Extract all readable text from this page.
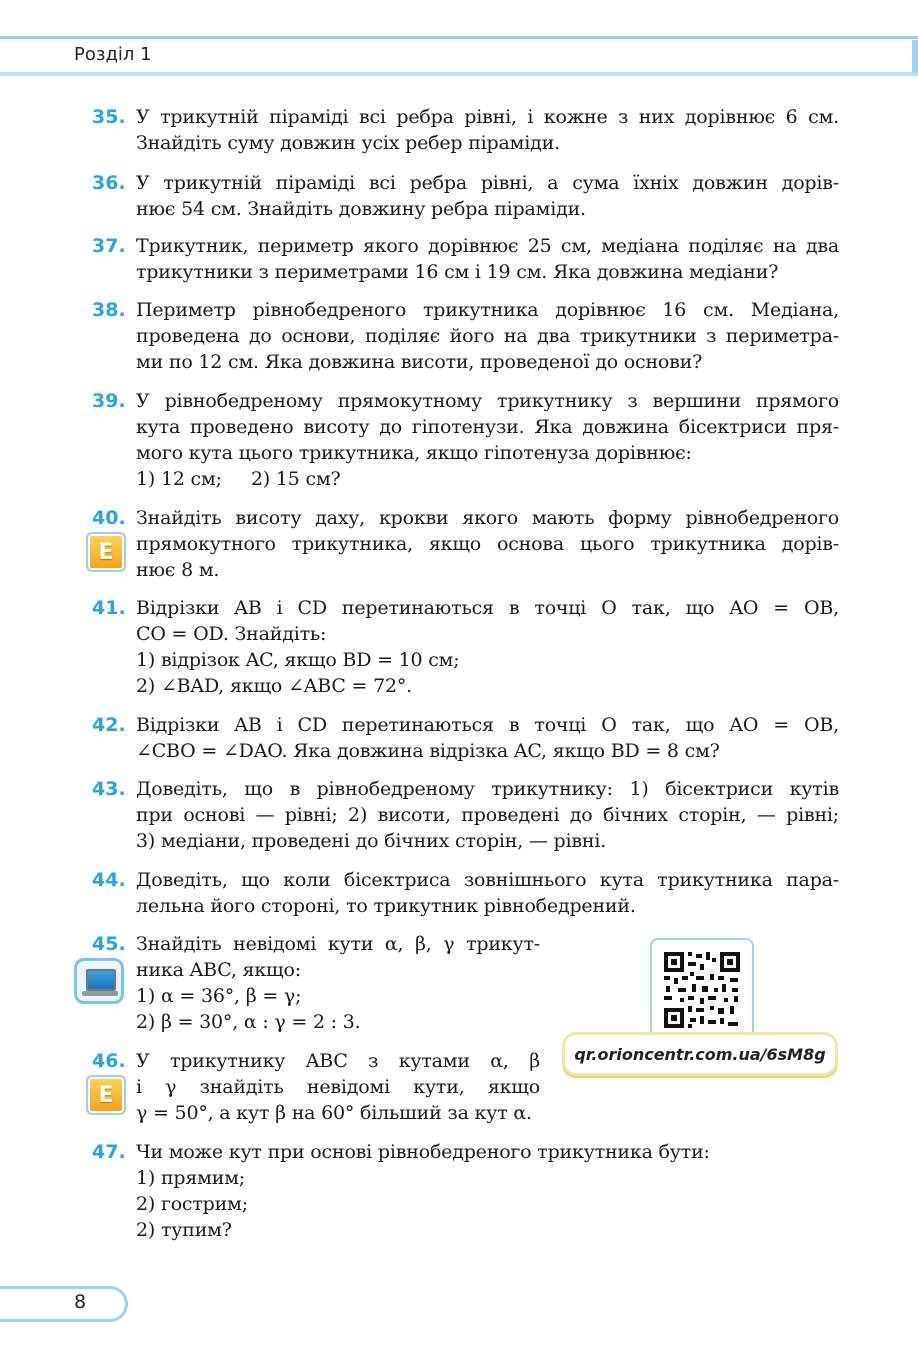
Розділ 1
35. У трикутній піраміді всі ребра рівні, і кожне з них дорівнює 6 см.
Знайдіть суму довжин усіх ребер піраміди.
36. У трикутній піраміді всі ребра рівні, а сума їхніх довжин дорів-
нює 54 см. Знайдіть довжину ребра піраміди.
37. Трикутник, периметр якого дорівнює 25 см, медіана поділяє на два
трикутники з периметрами 16 см і 19 см. Яка довжина медіани?
38. Периметр рівнобедреного трикутника дорівнює 16 см. Медіана,
проведена до основи, поділяє його на два трикутники з периметра-
ми по 12 см. Яка довжина висоти, проведеної до основи?
39. У рівнобедреному прямокутному трикутнику з вершини прямого
кута проведено висоту до гіпотенузи. Яка довжина бісектриси пря-
мого кута цього трикутника, якщо гіпотенуза дорівнює:
1) 12 см;     2) 15 см?
40.
E
Знайдіть висоту даху, крокви якого мають форму рівнобедреного
прямокутного трикутника, якщо основа цього трикутника дорів-
нює 8 м.
41. Відрізки AB і CD перетинаються в точці O так, що AO = OB,
CO = OD. Знайдіть:
1) відрізок AC, якщо BD = 10 см;
2) ∠BAD, якщо ∠ABC = 72°.
42. Відрізки AB і CD перетинаються в точці O так, що AO = OB,
∠CBO = ∠DAO. Яка довжина відрізка AC, якщо BD = 8 см?
43. Доведіть, що в рівнобедреному трикутнику: 1) бісектриси кутів
при основі — рівні; 2) висоти, проведені до бічних сторін, — рівні;
3) медіани, проведені до бічних сторін, — рівні.
44. Доведіть, що коли бісектриса зовнішнього кута трикутника пара-
лельна його стороні, то трикутник рівнобедрений.
45. Знайдіть невідомі кути α, β, γ трикут-
ника ABC, якщо:
1) α = 36°, β = γ;
2) β = 30°, α : γ = 2 : 3.
qr.orioncentr.com.ua/6sM8g
46.
E
У трикутнику ABC з кутами α, β
і γ знайдіть невідомі кути, якщо
γ = 50°, а кут β на 60° більший за кут α.
47. Чи може кут при основі рівнобедреного трикутника бути:
1) прямим;
2) гострим;
2) тупим?
8
